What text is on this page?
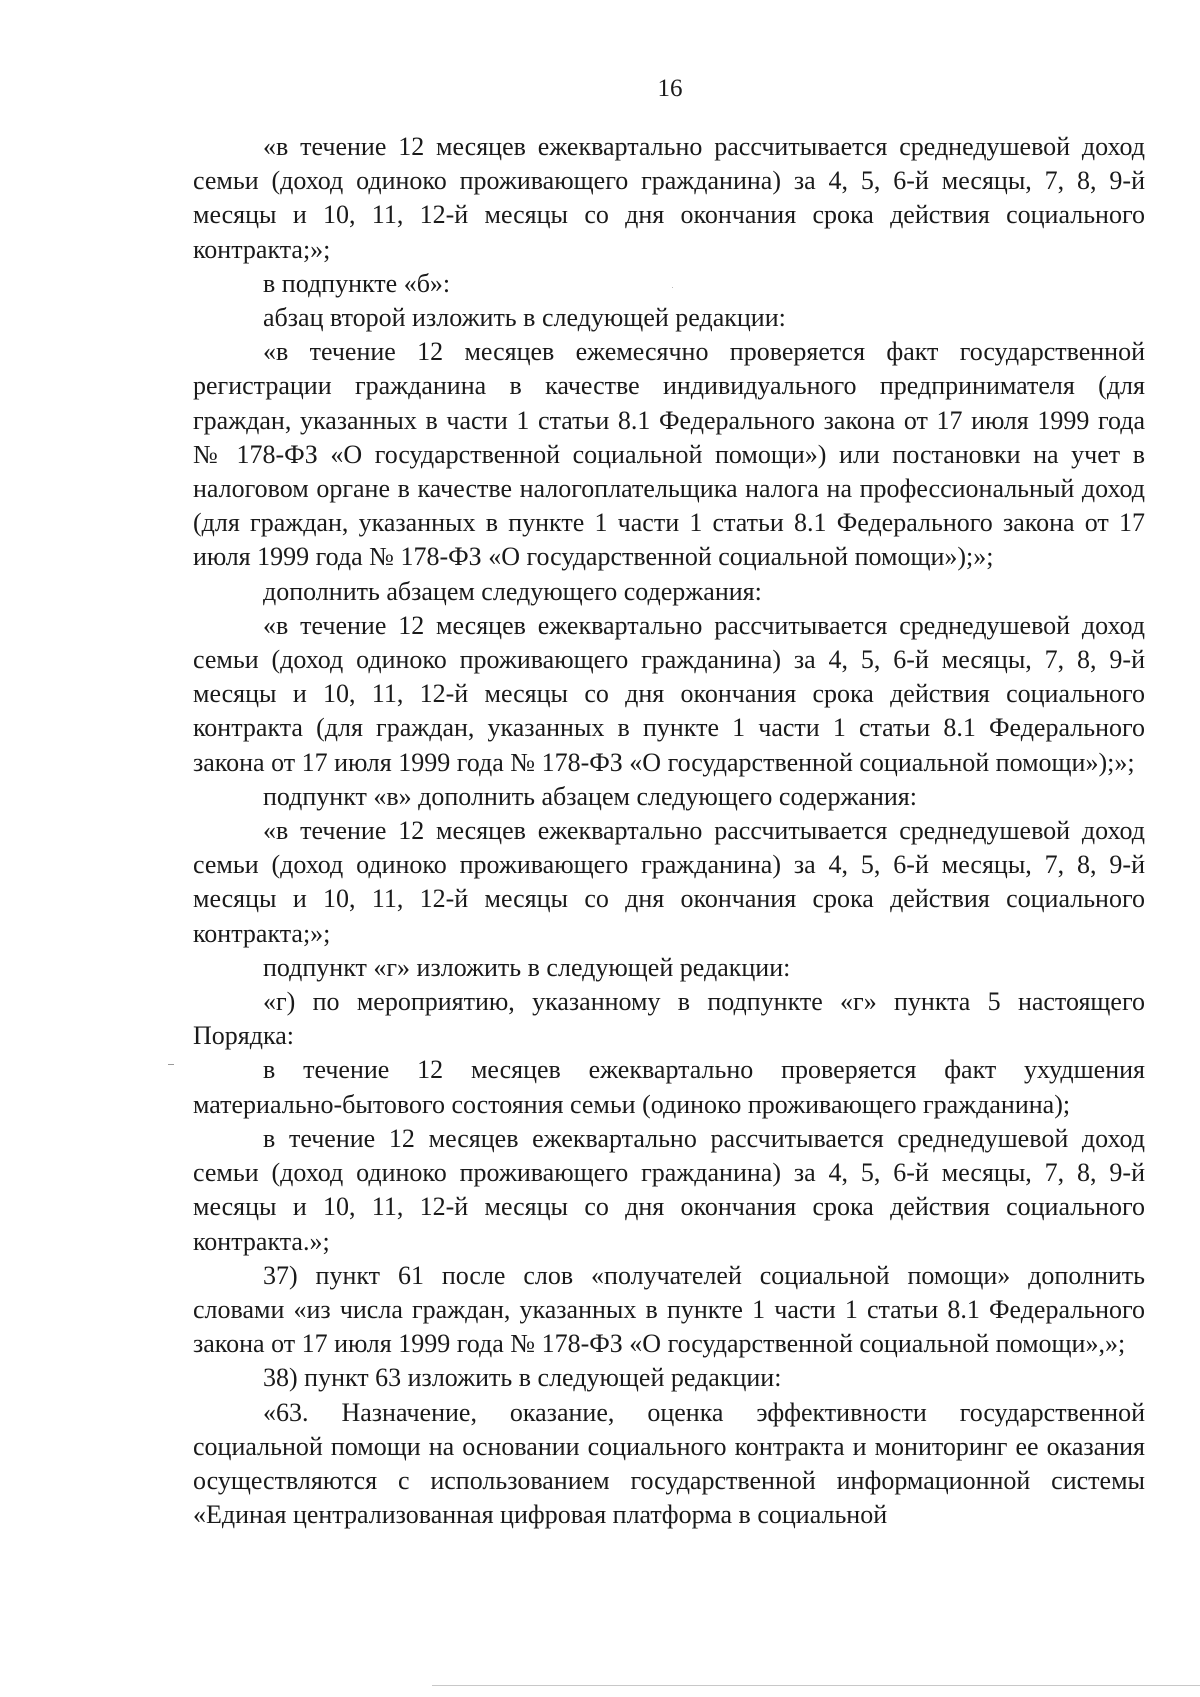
16

«в течение 12 месяцев ежеквартально рассчитывается среднедушевой доход семьи (доход одиноко проживающего гражданина) за 4, 5, 6-й месяцы, 7, 8, 9-й месяцы и 10, 11, 12-й месяцы со дня окончания срока действия социального контракта;»;

в подпункте «б»:

абзац второй изложить в следующей редакции:

«в течение 12 месяцев ежемесячно проверяется факт государственной регистрации гражданина в качестве индивидуального предпринимателя (для граждан, указанных в части 1 статьи 8.1 Федерального закона от 17 июля 1999 года № 178-ФЗ «О государственной социальной помощи») или постановки на учет в налоговом органе в качестве налогоплательщика налога на профессиональный доход (для граждан, указанных в пункте 1 части 1 статьи 8.1 Федерального закона от 17 июля 1999 года № 178-ФЗ «О государственной социальной помощи»);»;

дополнить абзацем следующего содержания:

«в течение 12 месяцев ежеквартально рассчитывается среднедушевой доход семьи (доход одиноко проживающего гражданина) за 4, 5, 6-й месяцы, 7, 8, 9-й месяцы и 10, 11, 12-й месяцы со дня окончания срока действия социального контракта (для граждан, указанных в пункте 1 части 1 статьи 8.1 Федерального закона от 17 июля 1999 года № 178-ФЗ «О государственной социальной помощи»);»;

подпункт «в» дополнить абзацем следующего содержания:

«в течение 12 месяцев ежеквартально рассчитывается среднедушевой доход семьи (доход одиноко проживающего гражданина) за 4, 5, 6-й месяцы, 7, 8, 9-й месяцы и 10, 11, 12-й месяцы со дня окончания срока действия социального контракта;»;

подпункт «г» изложить в следующей редакции:

«г) по мероприятию, указанному в подпункте «г» пункта 5 настоящего Порядка:

в течение 12 месяцев ежеквартально проверяется факт ухудшения материально-бытового состояния семьи (одиноко проживающего гражданина);

в течение 12 месяцев ежеквартально рассчитывается среднедушевой доход семьи (доход одиноко проживающего гражданина) за 4, 5, 6-й месяцы, 7, 8, 9-й месяцы и 10, 11, 12-й месяцы со дня окончания срока действия социального контракта.»;

37) пункт 61 после слов «получателей социальной помощи» дополнить словами «из числа граждан, указанных в пункте 1 части 1 статьи 8.1 Федерального закона от 17 июля 1999 года № 178-ФЗ «О государственной социальной помощи»,»;

38) пункт 63 изложить в следующей редакции:

«63. Назначение, оказание, оценка эффективности государственной социальной помощи на основании социального контракта и мониторинг ее оказания осуществляются с использованием государственной информационной системы «Единая централизованная цифровая платформа в социальной
